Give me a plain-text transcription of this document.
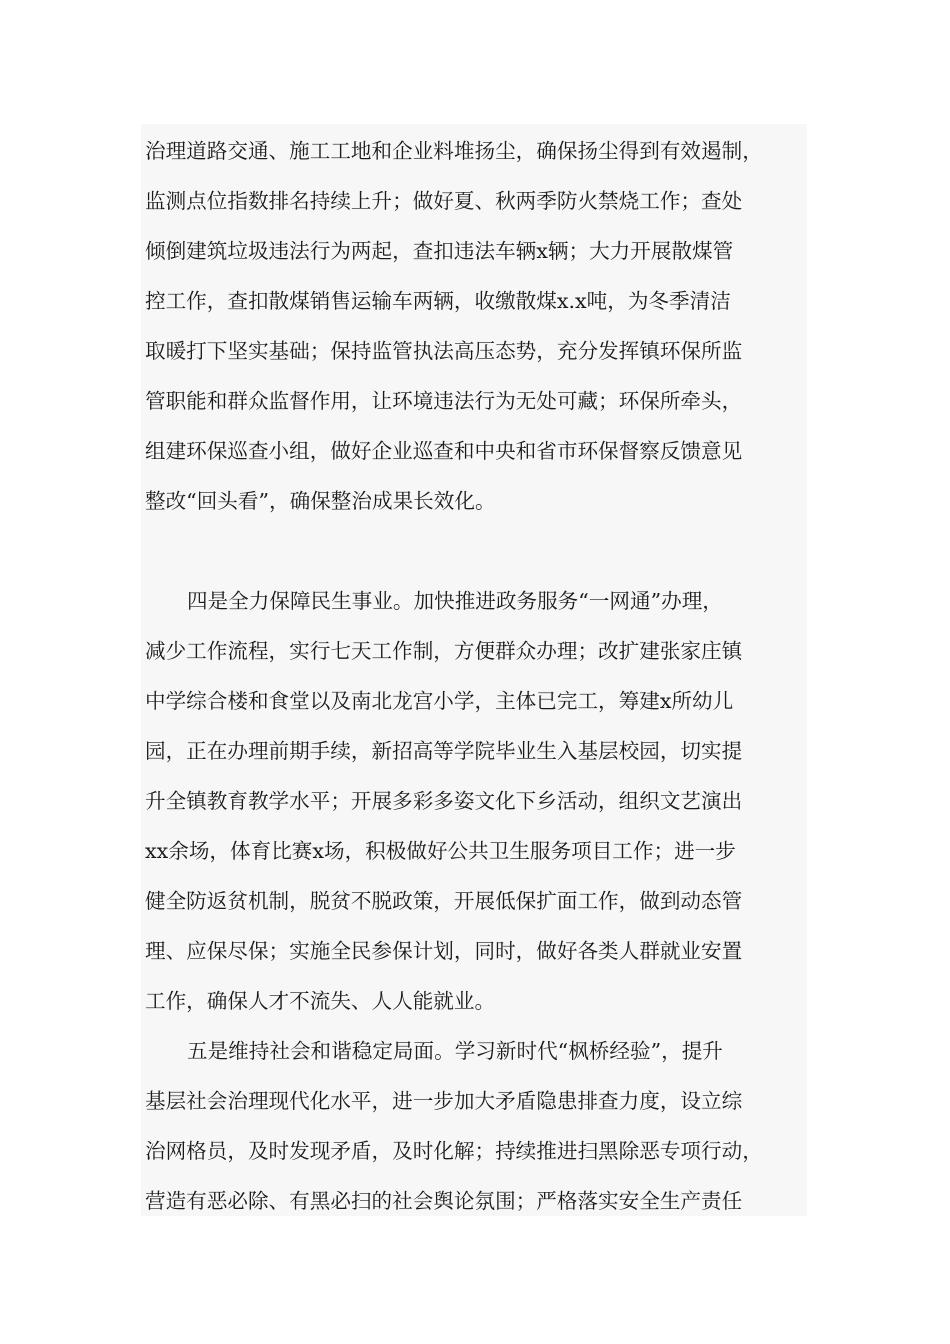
治理道路交通、施工工地和企业料堆扬尘，确保扬尘得到有效遏制，
监测点位指数排名持续上升；做好夏、秋两季防火禁烧工作；查处
倾倒建筑垃圾违法行为两起，查扣违法车辆x辆；大力开展散煤管
控工作，查扣散煤销售运输车两辆，收缴散煤x.x吨，为冬季清洁
取暖打下坚实基础；保持监管执法高压态势，充分发挥镇环保所监
管职能和群众监督作用，让环境违法行为无处可藏；环保所牵头，
组建环保巡查小组，做好企业巡查和中央和省市环保督察反馈意见
整改“回头看”，确保整治成果长效化。
四是全力保障民生事业。加快推进政务服务“一网通”办理，
减少工作流程，实行七天工作制，方便群众办理；改扩建张家庄镇
中学综合楼和食堂以及南北龙宫小学，主体已完工，筹建x所幼儿
园，正在办理前期手续，新招高等学院毕业生入基层校园，切实提
升全镇教育教学水平；开展多彩多姿文化下乡活动，组织文艺演出
xx余场，体育比赛x场，积极做好公共卫生服务项目工作；进一步
健全防返贫机制，脱贫不脱政策，开展低保扩面工作，做到动态管
理、应保尽保；实施全民参保计划，同时，做好各类人群就业安置
工作，确保人才不流失、人人能就业。
五是维持社会和谐稳定局面。学习新时代“枫桥经验”，提升
基层社会治理现代化水平，进一步加大矛盾隐患排查力度，设立综
治网格员，及时发现矛盾，及时化解；持续推进扫黑除恶专项行动，
营造有恶必除、有黑必扫的社会舆论氛围；严格落实安全生产责任
